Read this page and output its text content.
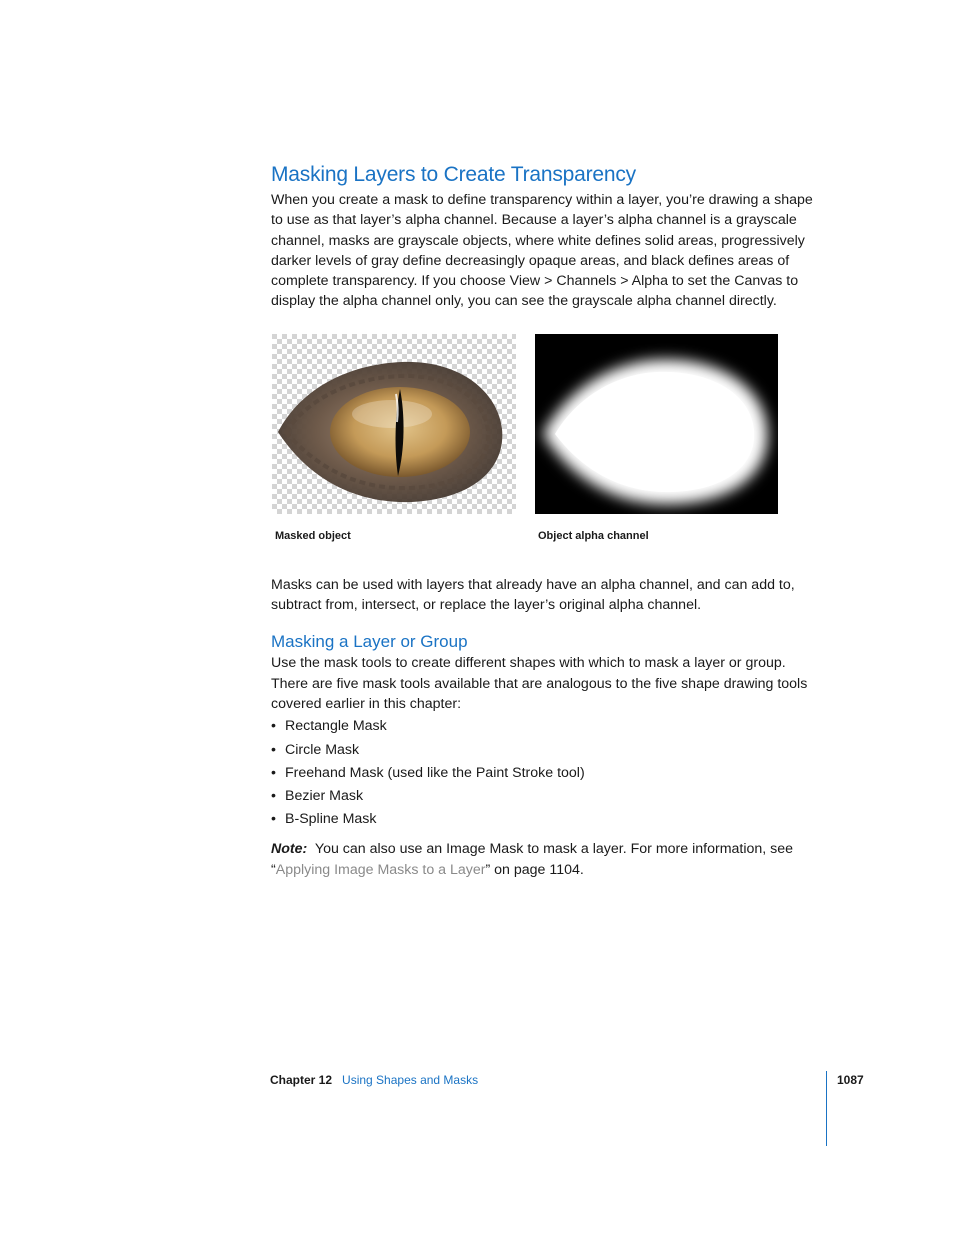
Masking Layers to Create Transparency

When you create a mask to define transparency within a layer, you’re drawing a shape to use as that layer’s alpha channel. Because a layer’s alpha channel is a grayscale channel, masks are grayscale objects, where white defines solid areas, progressively darker levels of gray define decreasingly opaque areas, and black defines areas of complete transparency. If you choose View > Channels > Alpha to set the Canvas to display the alpha channel only, you can see the grayscale alpha channel directly.

Masked object	Object alpha channel

Masks can be used with layers that already have an alpha channel, and can add to, subtract from, intersect, or replace the layer’s original alpha channel.

Masking a Layer or Group

Use the mask tools to create different shapes with which to mask a layer or group. There are five mask tools available that are analogous to the five shape drawing tools covered earlier in this chapter:

• Rectangle Mask
• Circle Mask
• Freehand Mask (used like the Paint Stroke tool)
• Bezier Mask
• B-Spline Mask

Note: You can also use an Image Mask to mask a layer. For more information, see “Applying Image Masks to a Layer” on page 1104.

Chapter 12 Using Shapes and Masks	1087
